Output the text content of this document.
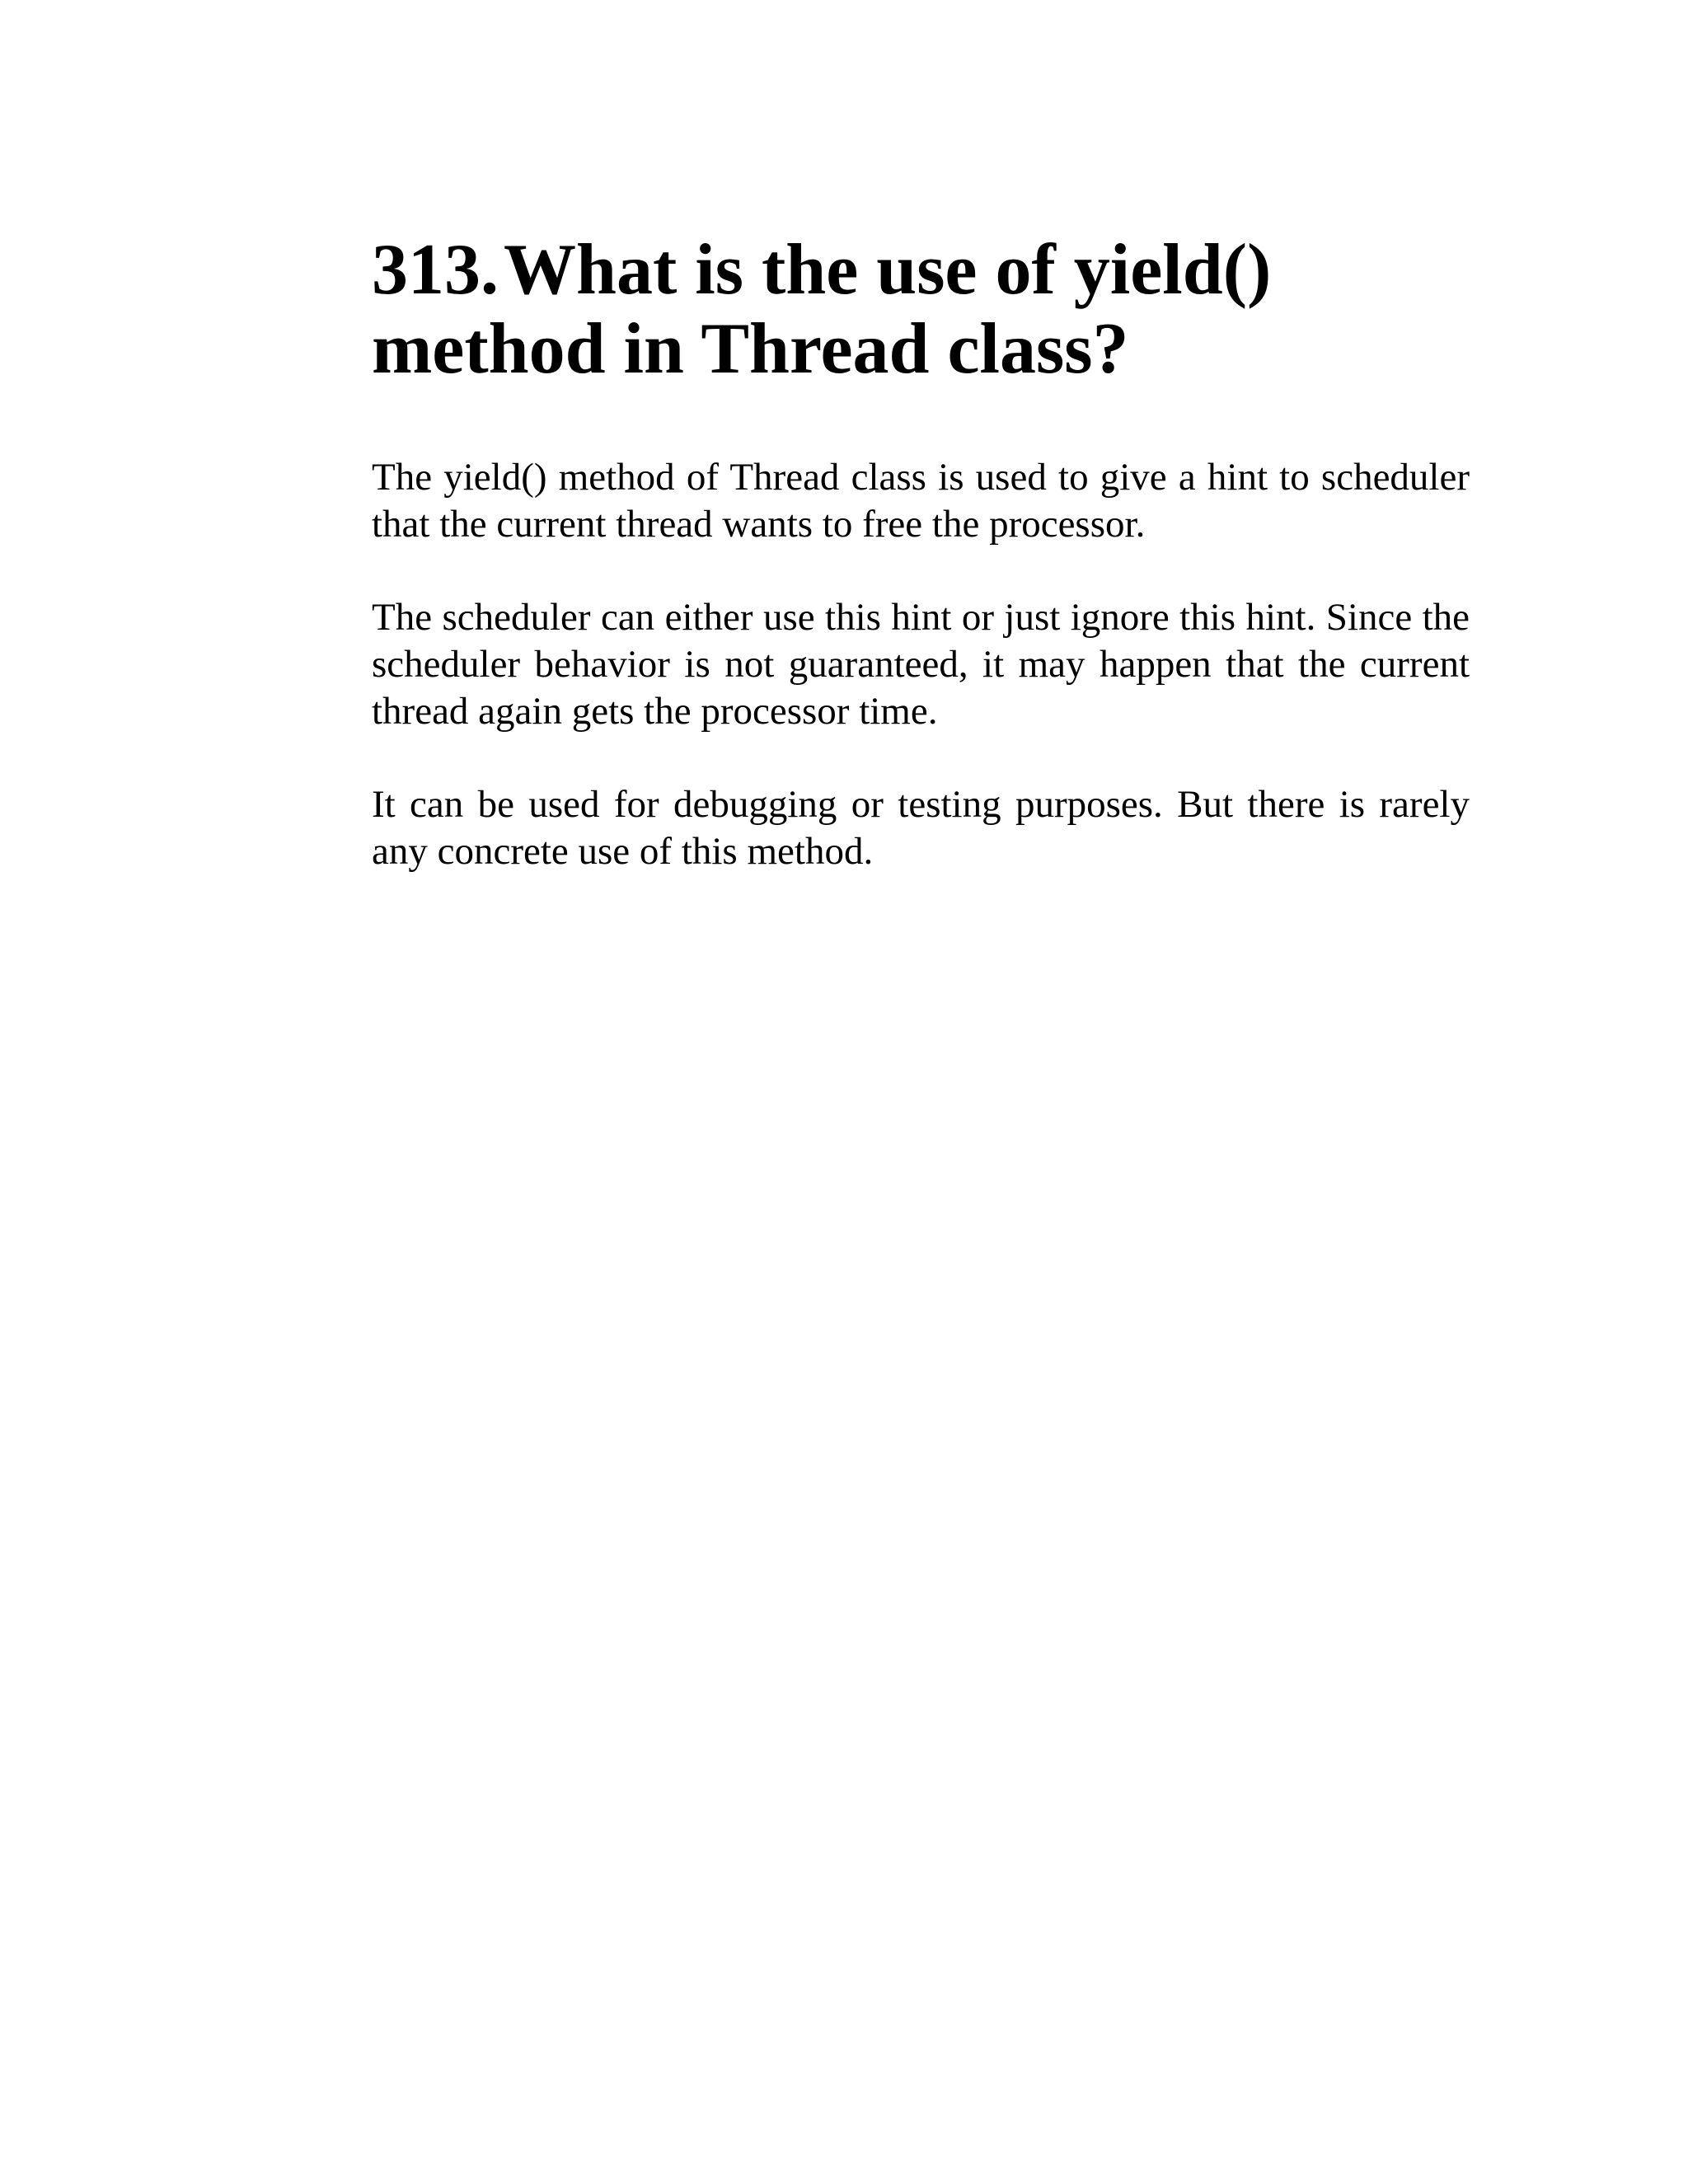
313.What is the use of yield() method in Thread class?

The yield() method of Thread class is used to give a hint to scheduler that the current thread wants to free the processor.

The scheduler can either use this hint or just ignore this hint. Since the scheduler behavior is not guaranteed, it may happen that the current thread again gets the processor time.

It can be used for debugging or testing purposes. But there is rarely any concrete use of this method.
